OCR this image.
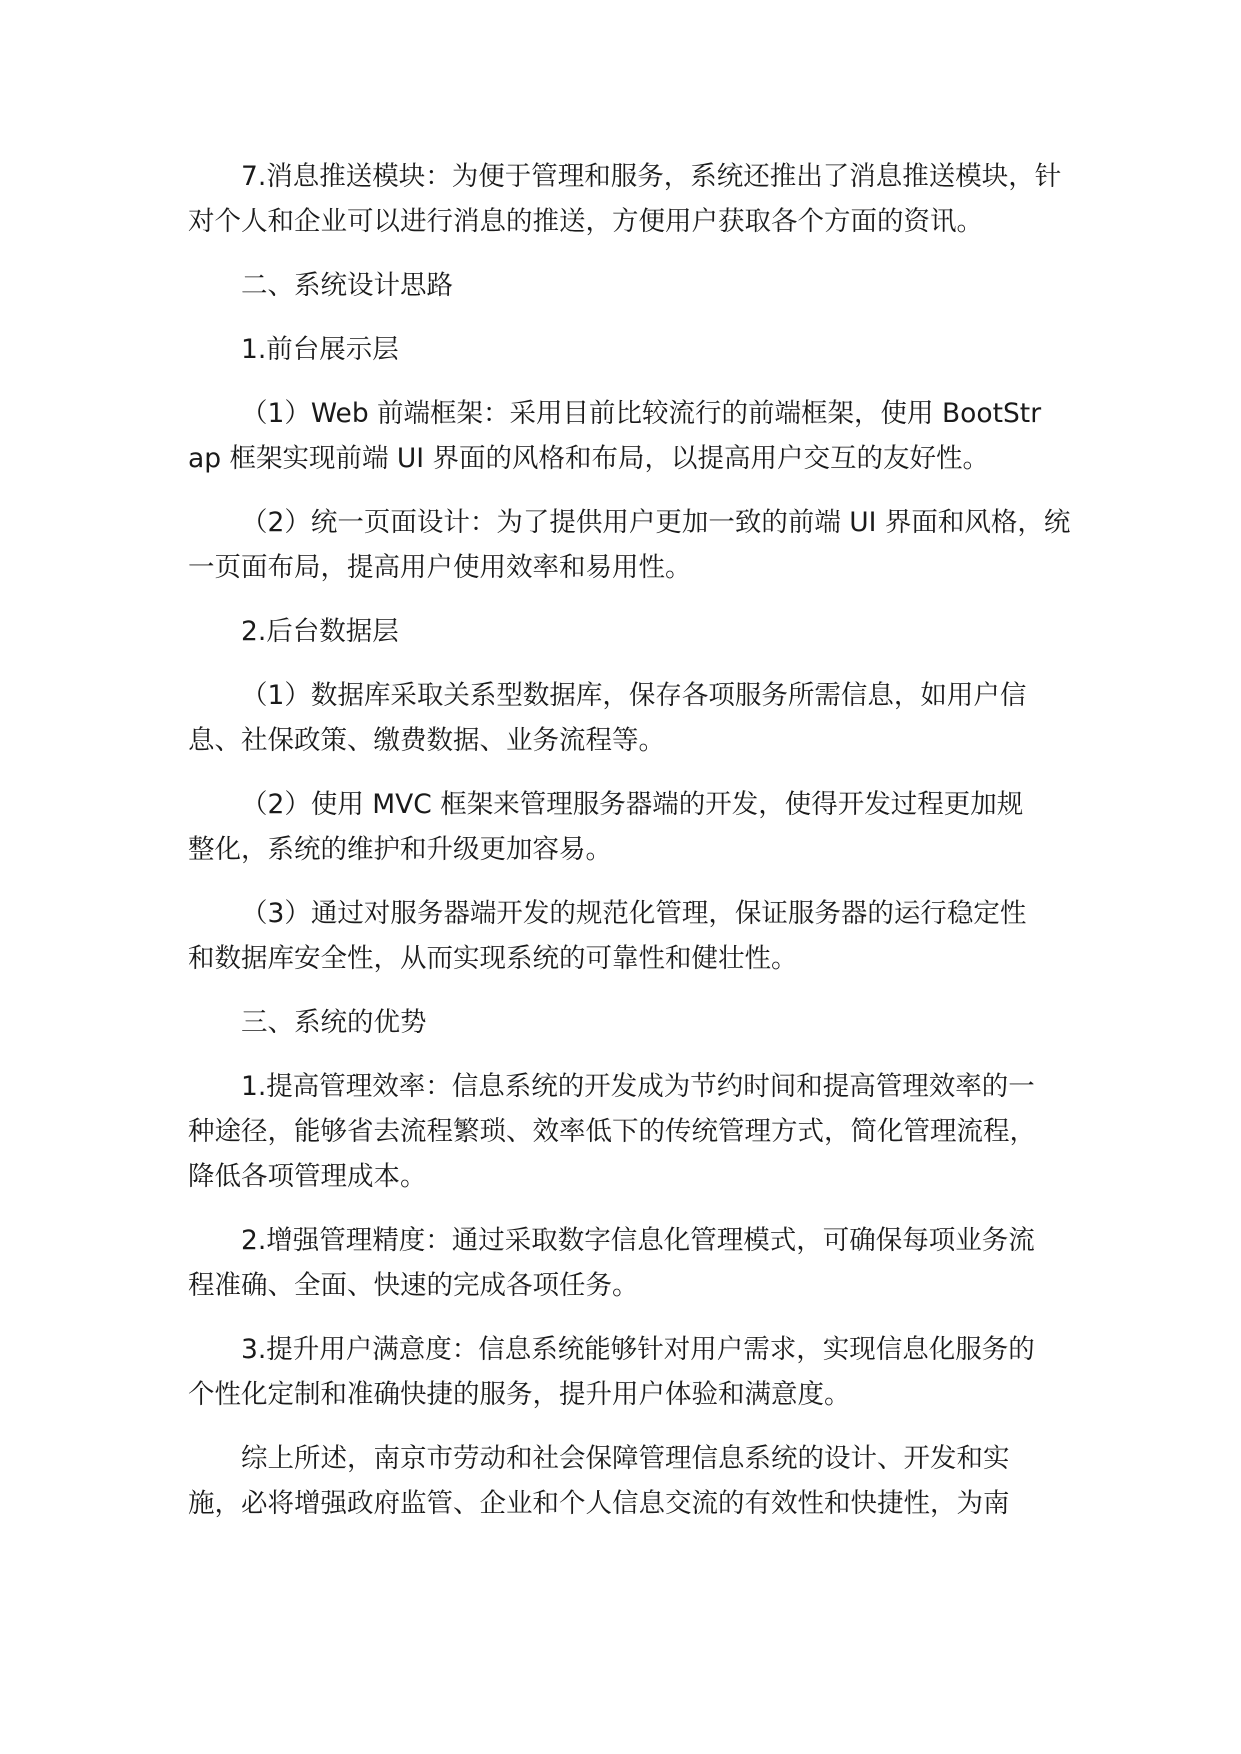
7.消息推送模块：为便于管理和服务，系统还推出了消息推送模块，针对个人和企业可以进行消息的推送，方便用户获取各个方面的资讯。

二、系统设计思路

1.前台展示层

（1）Web 前端框架：采用目前比较流行的前端框架，使用 BootStrap 框架实现前端 UI 界面的风格和布局，以提高用户交互的友好性。

（2）统一页面设计：为了提供用户更加一致的前端 UI 界面和风格，统一页面布局，提高用户使用效率和易用性。

2.后台数据层

（1）数据库采取关系型数据库，保存各项服务所需信息，如用户信息、社保政策、缴费数据、业务流程等。

（2）使用 MVC 框架来管理服务器端的开发，使得开发过程更加规整化，系统的维护和升级更加容易。

（3）通过对服务器端开发的规范化管理，保证服务器的运行稳定性和数据库安全性，从而实现系统的可靠性和健壮性。

三、系统的优势

1.提高管理效率：信息系统的开发成为节约时间和提高管理效率的一种途径，能够省去流程繁琐、效率低下的传统管理方式，简化管理流程，降低各项管理成本。

2.增强管理精度：通过采取数字信息化管理模式，可确保每项业务流程准确、全面、快速的完成各项任务。

3.提升用户满意度：信息系统能够针对用户需求，实现信息化服务的个性化定制和准确快捷的服务，提升用户体验和满意度。

综上所述，南京市劳动和社会保障管理信息系统的设计、开发和实施，必将增强政府监管、企业和个人信息交流的有效性和快捷性，为南
